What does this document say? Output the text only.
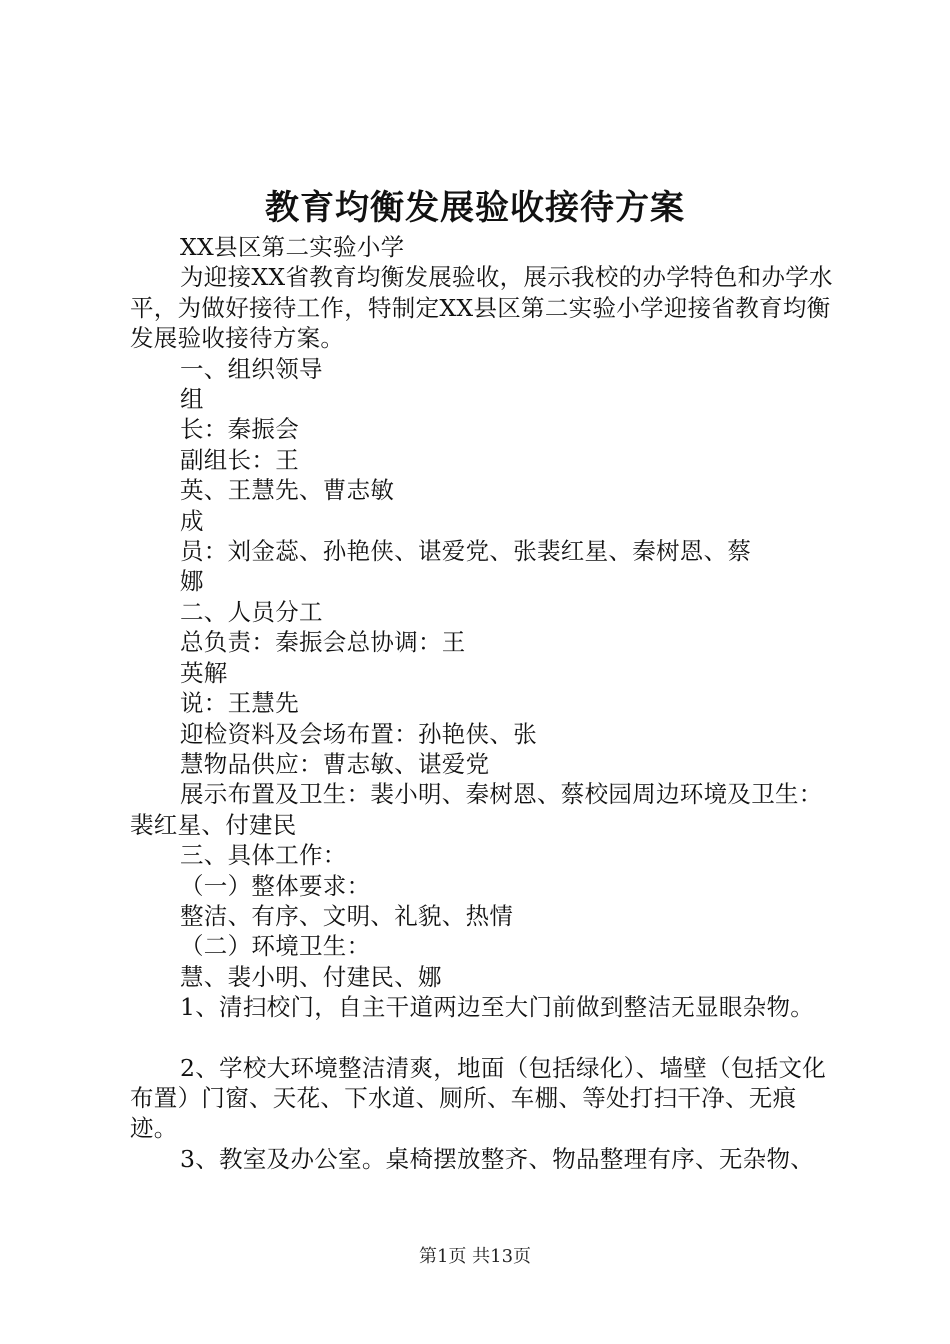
教育均衡发展验收接待方案

XX县区第二实验小学

为迎接XX省教育均衡发展验收，展示我校的办学特色和办学水平，为做好接待工作，特制定XX县区第二实验小学迎接省教育均衡发展验收接待方案。

一、组织领导

组

长：秦振会

副组长：王

英、王慧先、曹志敏

成

员：刘金蕊、孙艳侠、谌爱党、张裴红星、秦树恩、蔡

娜

二、人员分工

总负责：秦振会总协调：王

英解

说：王慧先

迎检资料及会场布置：孙艳侠、张

慧物品供应：曹志敏、谌爱党

展示布置及卫生：裴小明、秦树恩、蔡校园周边环境及卫生：裴红星、付建民

三、具体工作：

（一）整体要求：

整洁、有序、文明、礼貌、热情

（二）环境卫生：

慧、裴小明、付建民、娜

1、清扫校门，自主干道两边至大门前做到整洁无显眼杂物。

2、学校大环境整洁清爽，地面（包括绿化）、墙壁（包括文化布置）门窗、天花、下水道、厕所、车棚、等处打扫干净、无痕迹。

3、教室及办公室。桌椅摆放整齐、物品整理有序、无杂物、

第1页 共13页
